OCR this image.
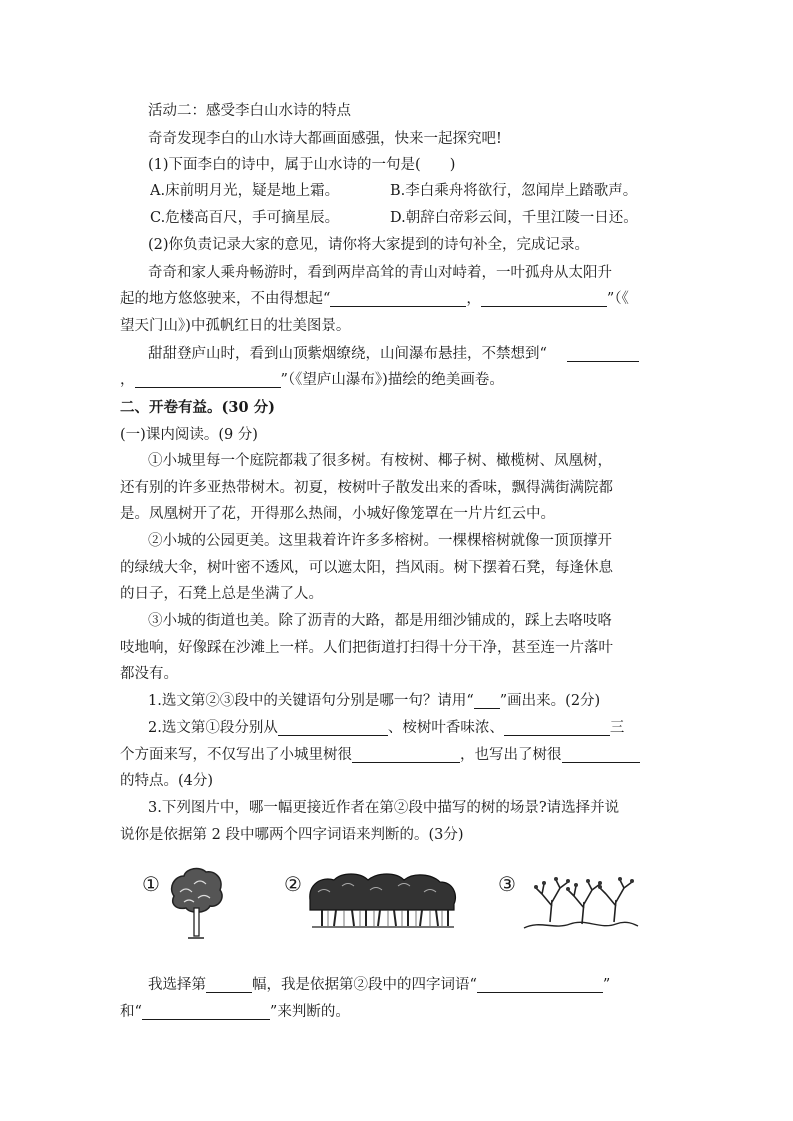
活动二：感受李白山水诗的特点
奇奇发现李白的山水诗大都画面感强，快来一起探究吧!
(1)下面李白的诗中，属于山水诗的一句是(　　)
A.床前明月光，疑是地上霜。	B.李白乘舟将欲行，忽闻岸上踏歌声。
C.危楼高百尺，手可摘星辰。	D.朝辞白帝彩云间，千里江陵一日还。
(2)你负责记录大家的意见，请你将大家提到的诗句补全，完成记录。
奇奇和家人乘舟畅游时，看到两岸高耸的青山对峙着，一叶孤舟从太阳升
起的地方悠悠驶来，不由得想起“	，	”（《
望天门山》)中孤帆红日的壮美图景。
甜甜登庐山时，看到山顶紫烟缭绕，山间瀑布悬挂，不禁想到“
，	”（《望庐山瀑布》)描绘的绝美画卷。
二、开卷有益。(30 分)
(一)课内阅读。(9 分)
①小城里每一个庭院都栽了很多树。有桉树、椰子树、橄榄树、凤凰树，
还有别的许多亚热带树木。初夏，桉树叶子散发出来的香味，飘得满街满院都
是。凤凰树开了花，开得那么热闹，小城好像笼罩在一片片红云中。
②小城的公园更美。这里栽着许许多多榕树。一棵棵榕树就像一顶顶撑开
的绿绒大伞，树叶密不透风，可以遮太阳，挡风雨。树下摆着石凳，每逢休息
的日子，石凳上总是坐满了人。
③小城的街道也美。除了沥青的大路，都是用细沙铺成的，踩上去咯吱咯
吱地响，好像踩在沙滩上一样。人们把街道打扫得十分干净，甚至连一片落叶
都没有。
1.选文第②③段中的关键语句分别是哪一句？请用“ ”画出来。(2分)
2.选文第①段分别从	、桉树叶香味浓、	三
个方面来写，不仅写出了小城里树很	，也写出了树很
的特点。(4分)
3.下列图片中，哪一幅更接近作者在第②段中描写的树的场景?请选择并说
说你是依据第 2 段中哪两个四字词语来判断的。(3分)
①	②	③
我选择第	幅，我是依据第②段中的四字词语“	”
和“	”来判断的。
